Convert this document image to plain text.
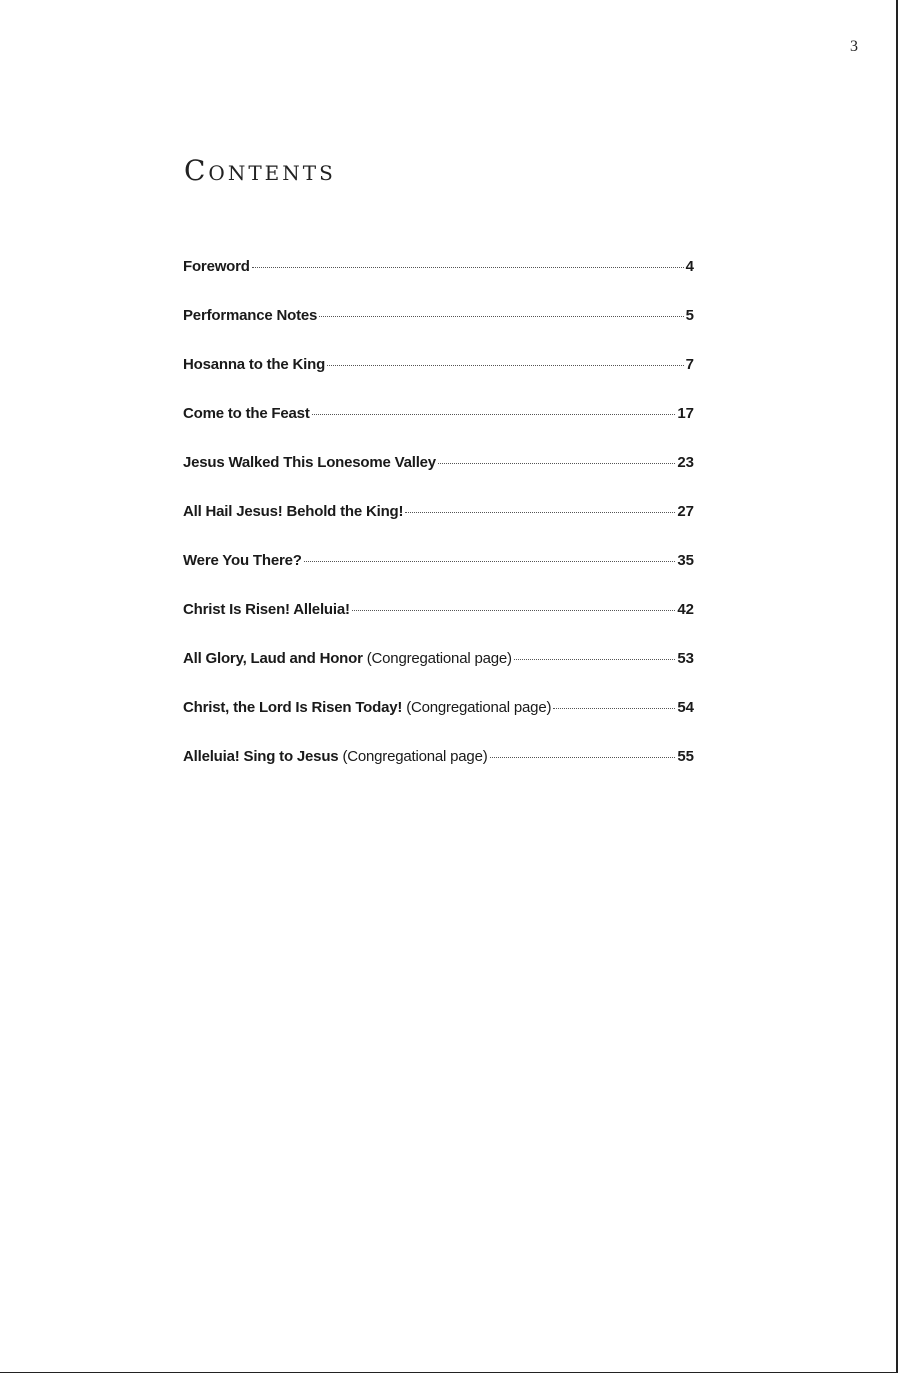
3
Contents
Foreword	4
Performance Notes	5
Hosanna to the King	7
Come to the Feast	17
Jesus Walked This Lonesome Valley	23
All Hail Jesus! Behold the King!	27
Were You There?	35
Christ Is Risen! Alleluia!	42
All Glory, Laud and Honor (Congregational page)	53
Christ, the Lord Is Risen Today! (Congregational page)	54
Alleluia! Sing to Jesus (Congregational page)	55
